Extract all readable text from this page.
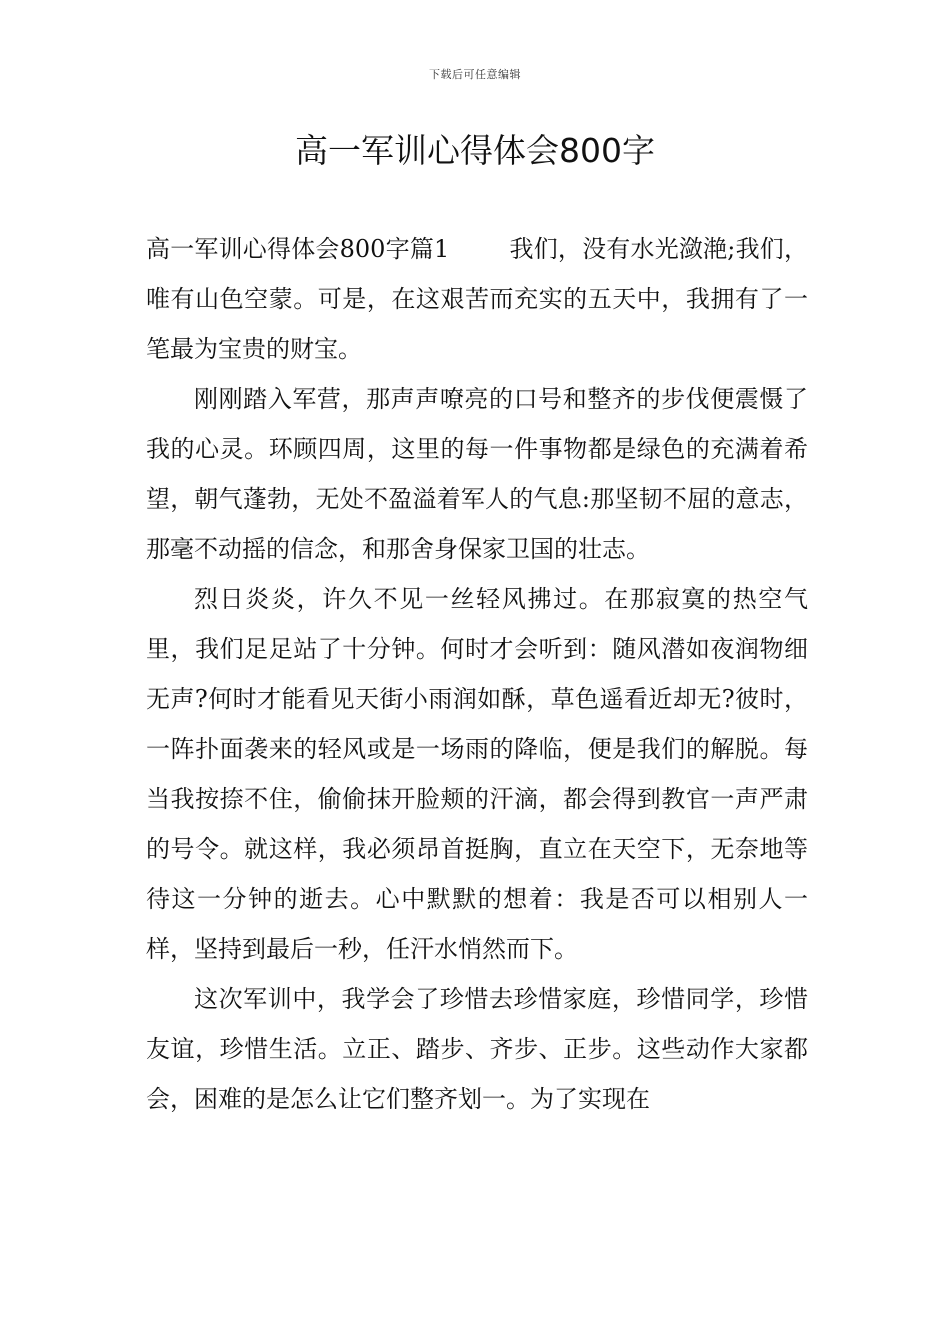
下载后可任意编辑
高一军训心得体会800字

高一军训心得体会800字篇1	我们，没有水光潋滟;我们，唯有山色空蒙。可是，在这艰苦而充实的五天中，我拥有了一笔最为宝贵的财宝。

刚刚踏入军营，那声声嘹亮的口号和整齐的步伐便震慑了我的心灵。环顾四周，这里的每一件事物都是绿色的充满着希望，朝气蓬勃，无处不盈溢着军人的气息:那坚韧不屈的意志，那毫不动摇的信念，和那舍身保家卫国的壮志。

烈日炎炎，许久不见一丝轻风拂过。在那寂寞的热空气里，我们足足站了十分钟。何时才会听到：随风潜如夜润物细无声?何时才能看见天街小雨润如酥，草色遥看近却无?彼时，一阵扑面袭来的轻风或是一场雨的降临，便是我们的解脱。每当我按捺不住，偷偷抹开脸颊的汗滴，都会得到教官一声严肃的号令。就这样，我必须昂首挺胸，直立在天空下，无奈地等待这一分钟的逝去。心中默默的想着：我是否可以相别人一样，坚持到最后一秒，任汗水悄然而下。

这次军训中，我学会了珍惜去珍惜家庭，珍惜同学，珍惜友谊，珍惜生活。立正、踏步、齐步、正步。这些动作大家都会，困难的是怎么让它们整齐划一。为了实现在
